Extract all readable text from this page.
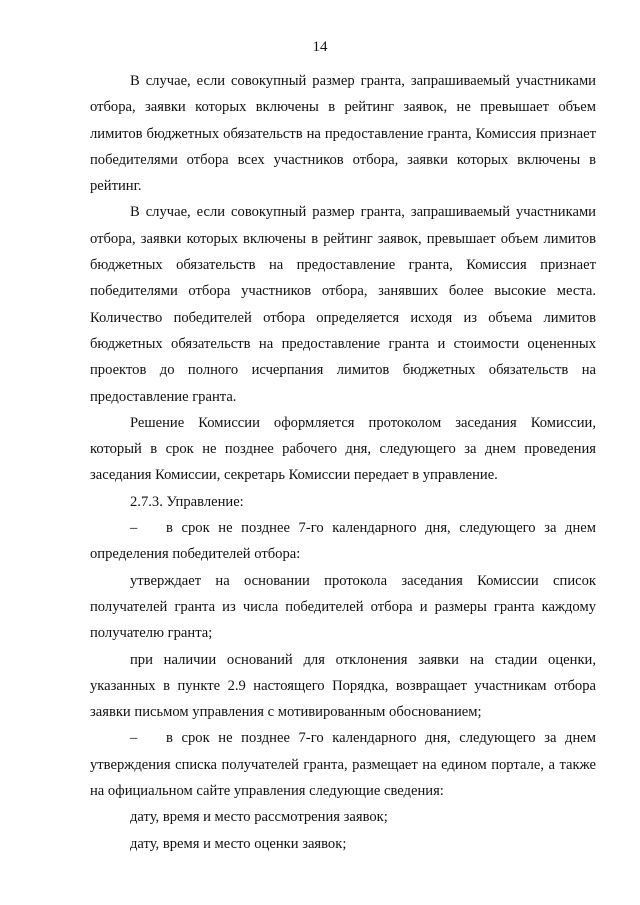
14

В случае, если совокупный размер гранта, запрашиваемый участниками отбора, заявки которых включены в рейтинг заявок, не превышает объем лимитов бюджетных обязательств на предоставление гранта, Комиссия признает победителями отбора всех участников отбора, заявки которых включены в рейтинг.

В случае, если совокупный размер гранта, запрашиваемый участниками отбора, заявки которых включены в рейтинг заявок, превышает объем лимитов бюджетных обязательств на предоставление гранта, Комиссия признает победителями отбора участников отбора, занявших более высокие места. Количество победителей отбора определяется исходя из объема лимитов бюджетных обязательств на предоставление гранта и стоимости оцененных проектов до полного исчерпания лимитов бюджетных обязательств на предоставление гранта.

Решение Комиссии оформляется протоколом заседания Комиссии, который в срок не позднее рабочего дня, следующего за днем проведения заседания Комиссии, секретарь Комиссии передает в управление.

2.7.3. Управление:

– в срок не позднее 7-го календарного дня, следующего за днем определения победителей отбора:

утверждает на основании протокола заседания Комиссии список получателей гранта из числа победителей отбора и размеры гранта каждому получателю гранта;

при наличии оснований для отклонения заявки на стадии оценки, указанных в пункте 2.9 настоящего Порядка, возвращает участникам отбора заявки письмом управления с мотивированным обоснованием;

– в срок не позднее 7-го календарного дня, следующего за днем утверждения списка получателей гранта, размещает на едином портале, а также на официальном сайте управления следующие сведения:

дату, время и место рассмотрения заявок;

дату, время и место оценки заявок;
